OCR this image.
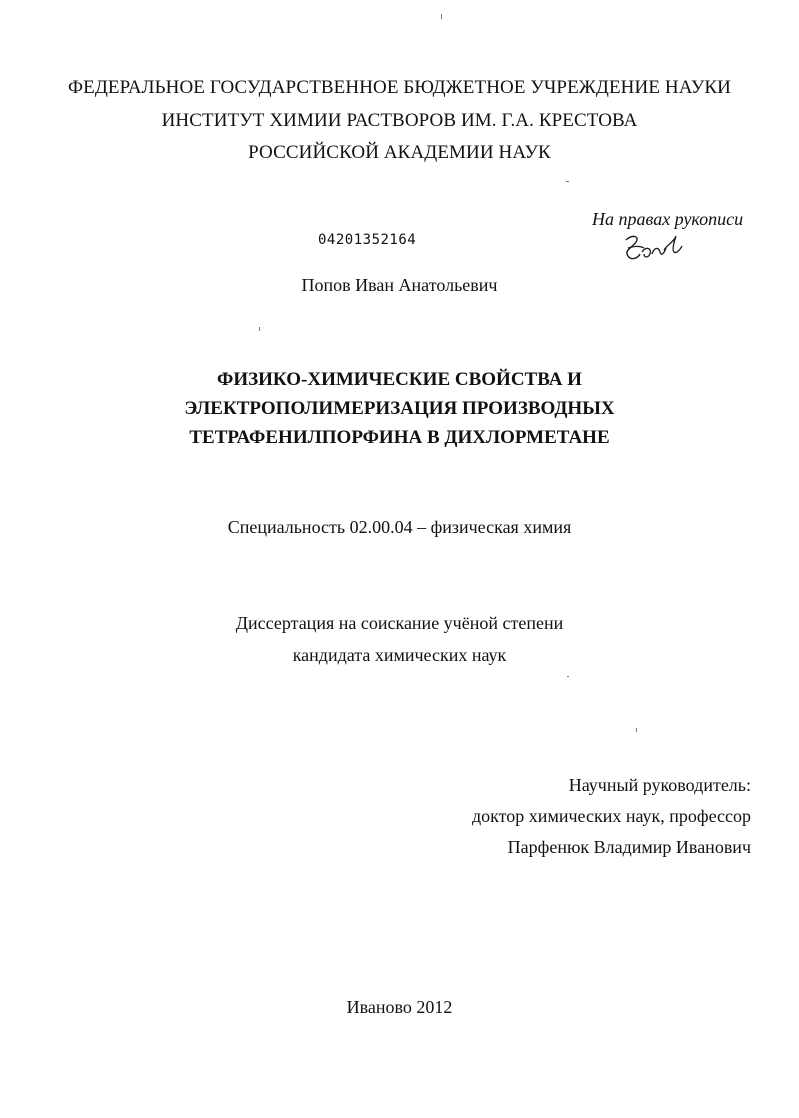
ФЕДЕРАЛЬНОЕ ГОСУДАРСТВЕННОЕ БЮДЖЕТНОЕ УЧРЕЖДЕНИЕ НАУКИ
ИНСТИТУТ ХИМИИ РАСТВОРОВ ИМ. Г.А. КРЕСТОВА
РОССИЙСКОЙ АКАДЕМИИ НАУК
На правах рукописи
04201352164
Попов Иван Анатольевич
ФИЗИКО-ХИМИЧЕСКИЕ СВОЙСТВА И
ЭЛЕКТРОПОЛИМЕРИЗАЦИЯ ПРОИЗВОДНЫХ
ТЕТРАФЕНИЛПОРФИНА В ДИХЛОРМЕТАНЕ
Специальность 02.00.04 – физическая химия
Диссертация на соискание учёной степени
кандидата химических наук
Научный руководитель:
доктор химических наук, профессор
Парфенюк Владимир Иванович
Иваново 2012
